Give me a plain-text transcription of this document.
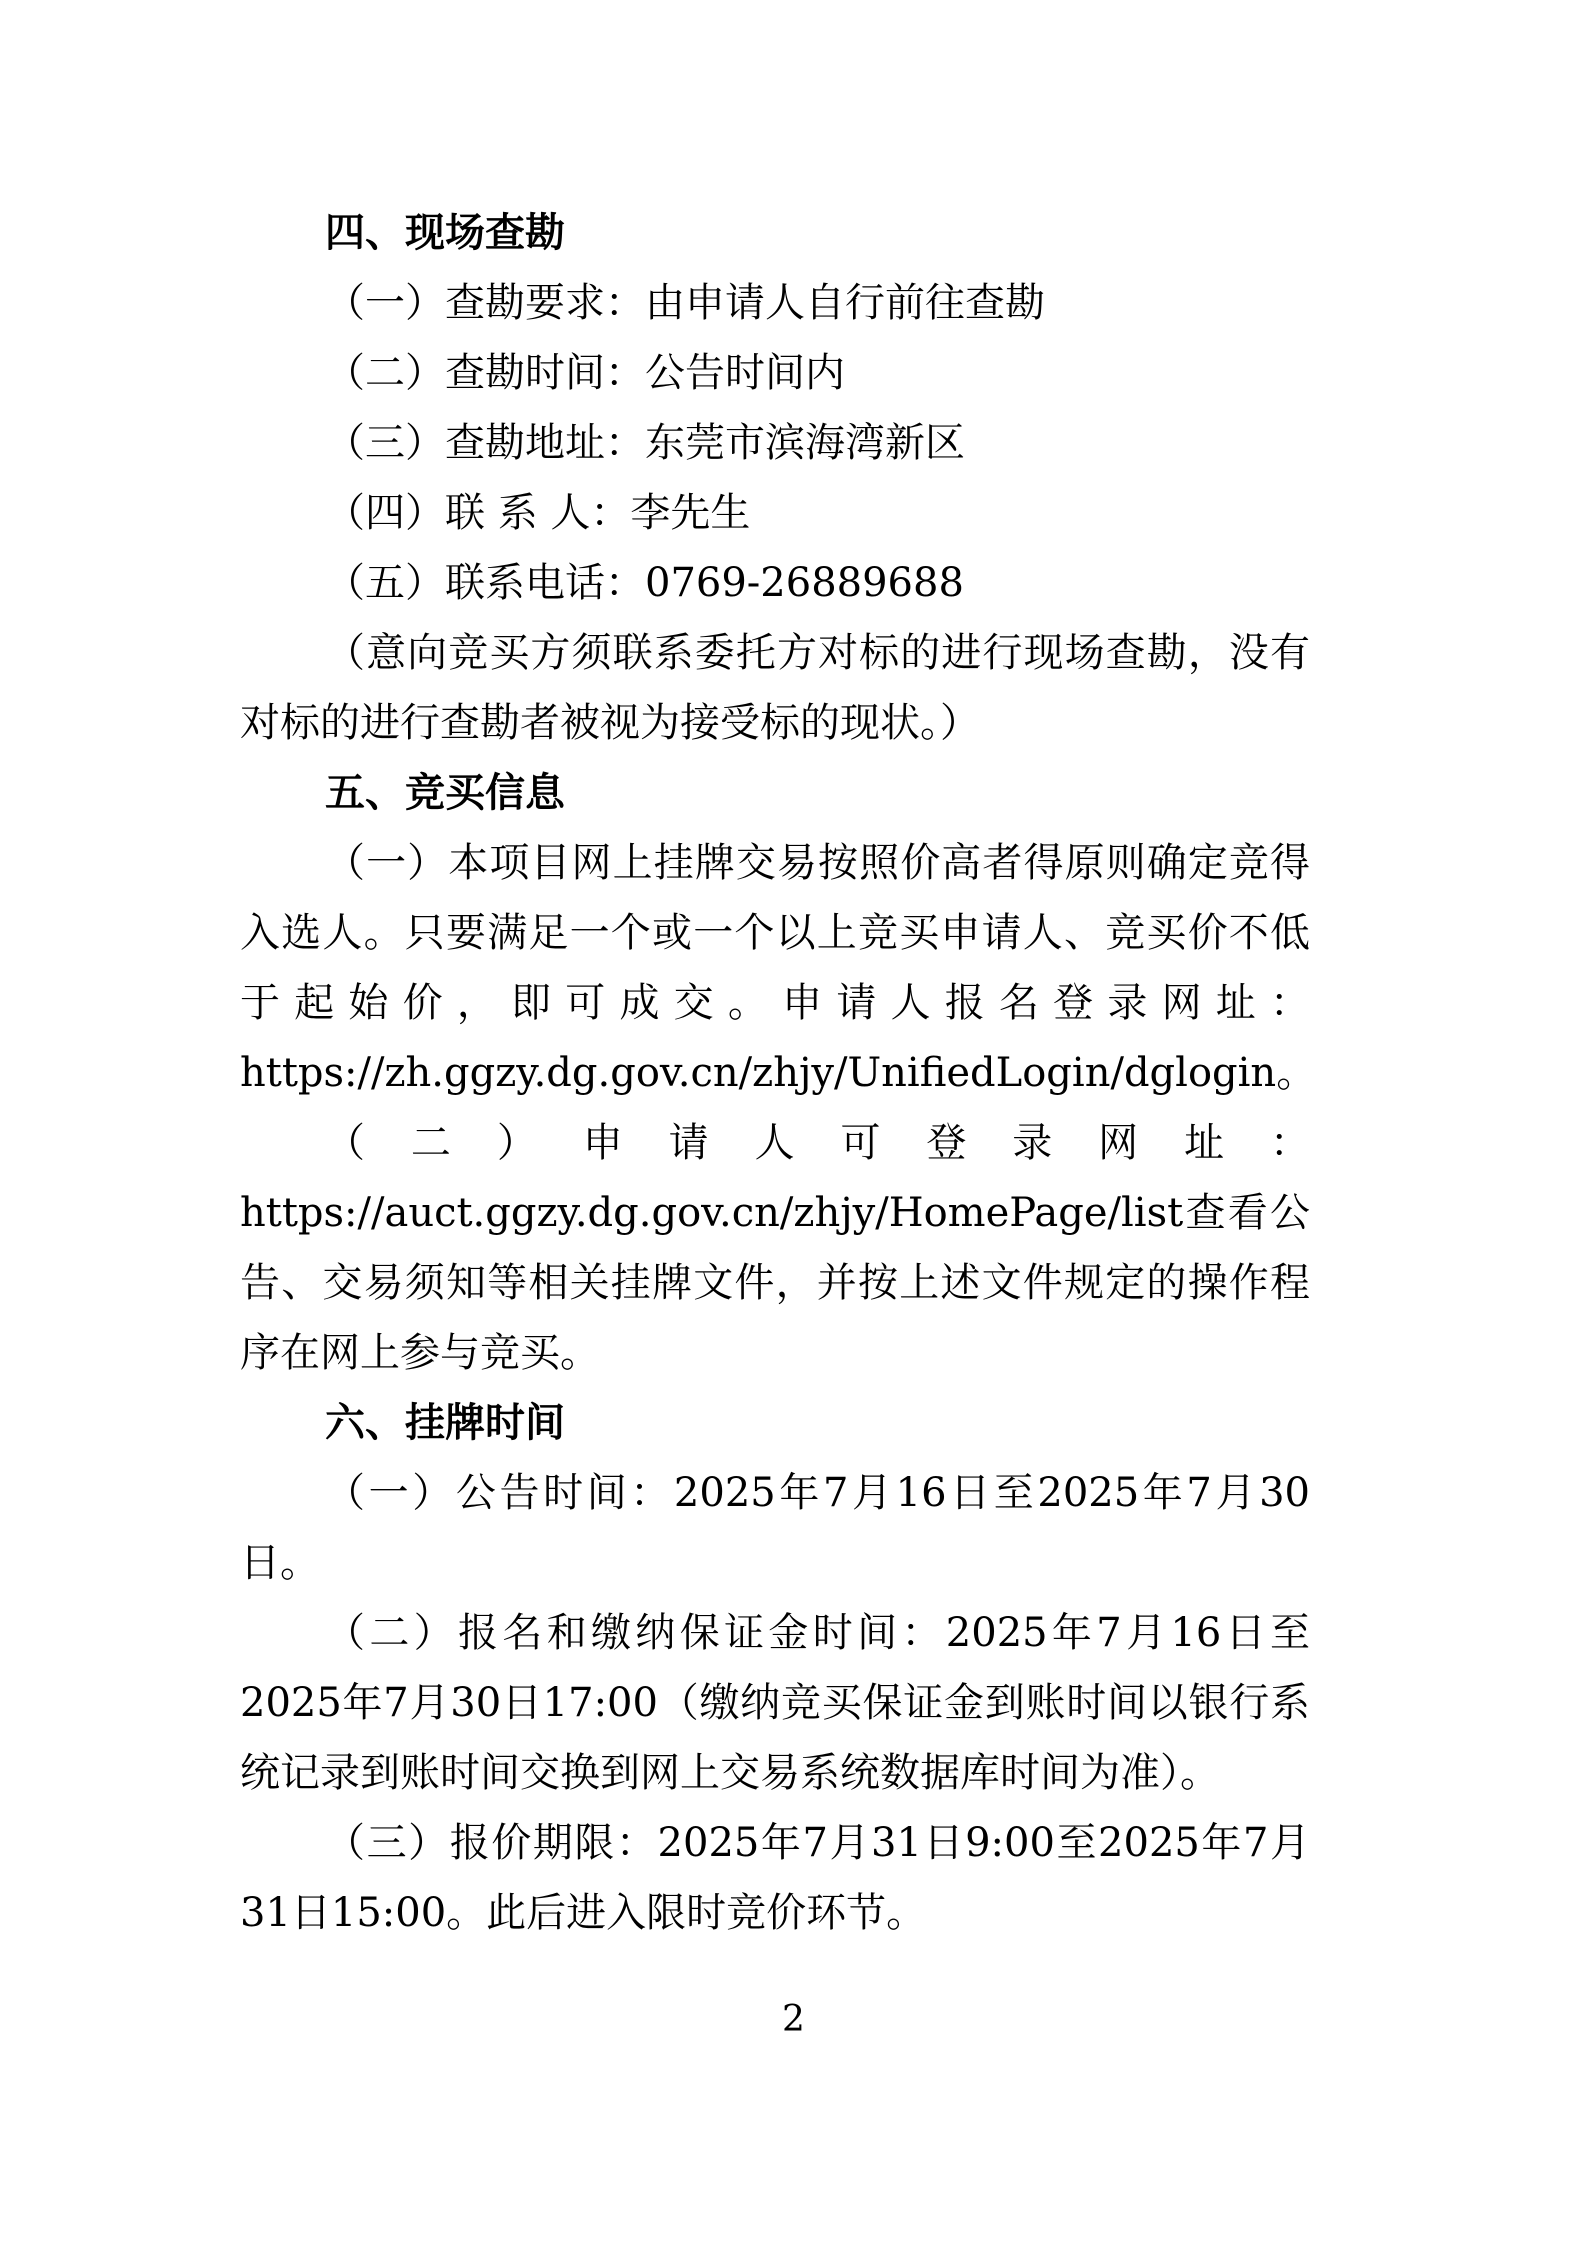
四、现场查勘

（一）查勘要求：由申请人自行前往查勘

（二）查勘时间：公告时间内

（三）查勘地址：东莞市滨海湾新区

（四）联 系 人：李先生

（五）联系电话：0769-26889688

（意向竞买方须联系委托方对标的进行现场查勘，没有对标的进行查勘者被视为接受标的现状。）

五、竞买信息

（一）本项目网上挂牌交易按照价高者得原则确定竞得入选人。只要满足一个或一个以上竞买申请人、竞买价不低于起始价，即可成交。申请人报名登录网址：https://zh.ggzy.dg.gov.cn/zhjy/UnifiedLogin/dglogin。

（二）申请人可登录网址：

https://auct.ggzy.dg.gov.cn/zhjy/HomePage/list查看公告、交易须知等相关挂牌文件，并按上述文件规定的操作程序在网上参与竞买。

六、挂牌时间

（一）公告时间：2025年7月16日至2025年7月30日。

（二）报名和缴纳保证金时间：2025年7月16日至2025年7月30日17:00（缴纳竞买保证金到账时间以银行系统记录到账时间交换到网上交易系统数据库时间为准）。

（三）报价期限：2025年7月31日9:00至2025年7月31日15:00。此后进入限时竞价环节。

2
